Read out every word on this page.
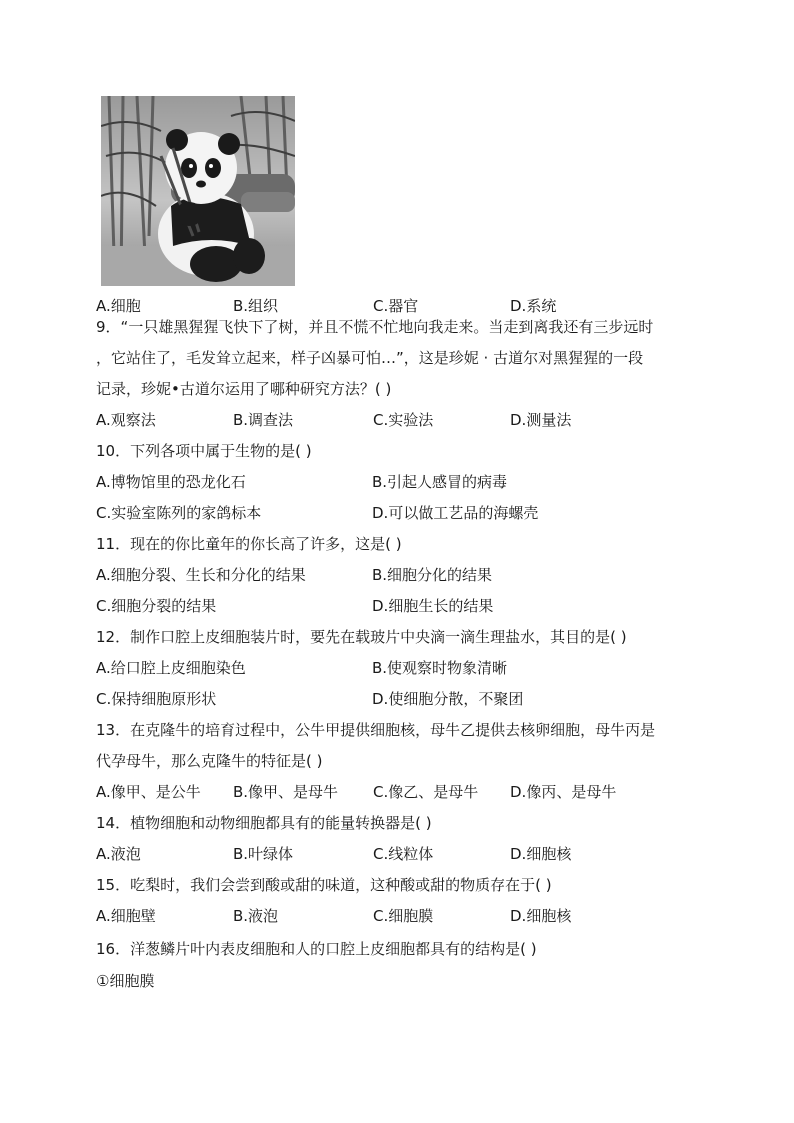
A.细胞	B.组织	C.器官	D.系统
9．“一只雄黑猩猩飞快下了树，并且不慌不忙地向我走来。当走到离我还有三步远时
，它站住了，毛发耸立起来，样子凶暴可怕…”，这是珍妮 · 古道尔对黑猩猩的一段
记录，珍妮•古道尔运用了哪种研究方法？( )
A.观察法	B.调查法	C.实验法	D.测量法
10．下列各项中属于生物的是( )
A.博物馆里的恐龙化石	B.引起人感冒的病毒
C.实验室陈列的家鸽标本	D.可以做工艺品的海螺壳
11．现在的你比童年的你长高了许多，这是( )
A.细胞分裂、生长和分化的结果	B.细胞分化的结果
C.细胞分裂的结果	D.细胞生长的结果
12．制作口腔上皮细胞装片时，要先在载玻片中央滴一滴生理盐水，其目的是( )
A.给口腔上皮细胞染色	B.使观察时物象清晰
C.保持细胞原形状	D.使细胞分散，不聚团
13．在克隆牛的培育过程中，公牛甲提供细胞核，母牛乙提供去核卵细胞，母牛丙是
代孕母牛，那么克隆牛的特征是( )
A.像甲、是公牛 B.像甲、是母牛 C.像乙、是母牛 D.像丙、是母牛
14．植物细胞和动物细胞都具有的能量转换器是( )
A.液泡	B.叶绿体	C.线粒体	D.细胞核
15．吃梨时，我们会尝到酸或甜的味道，这种酸或甜的物质存在于( )
A.细胞壁	B.液泡	C.细胞膜	D.细胞核
16．洋葱鳞片叶内表皮细胞和人的口腔上皮细胞都具有的结构是( )
①细胞膜
